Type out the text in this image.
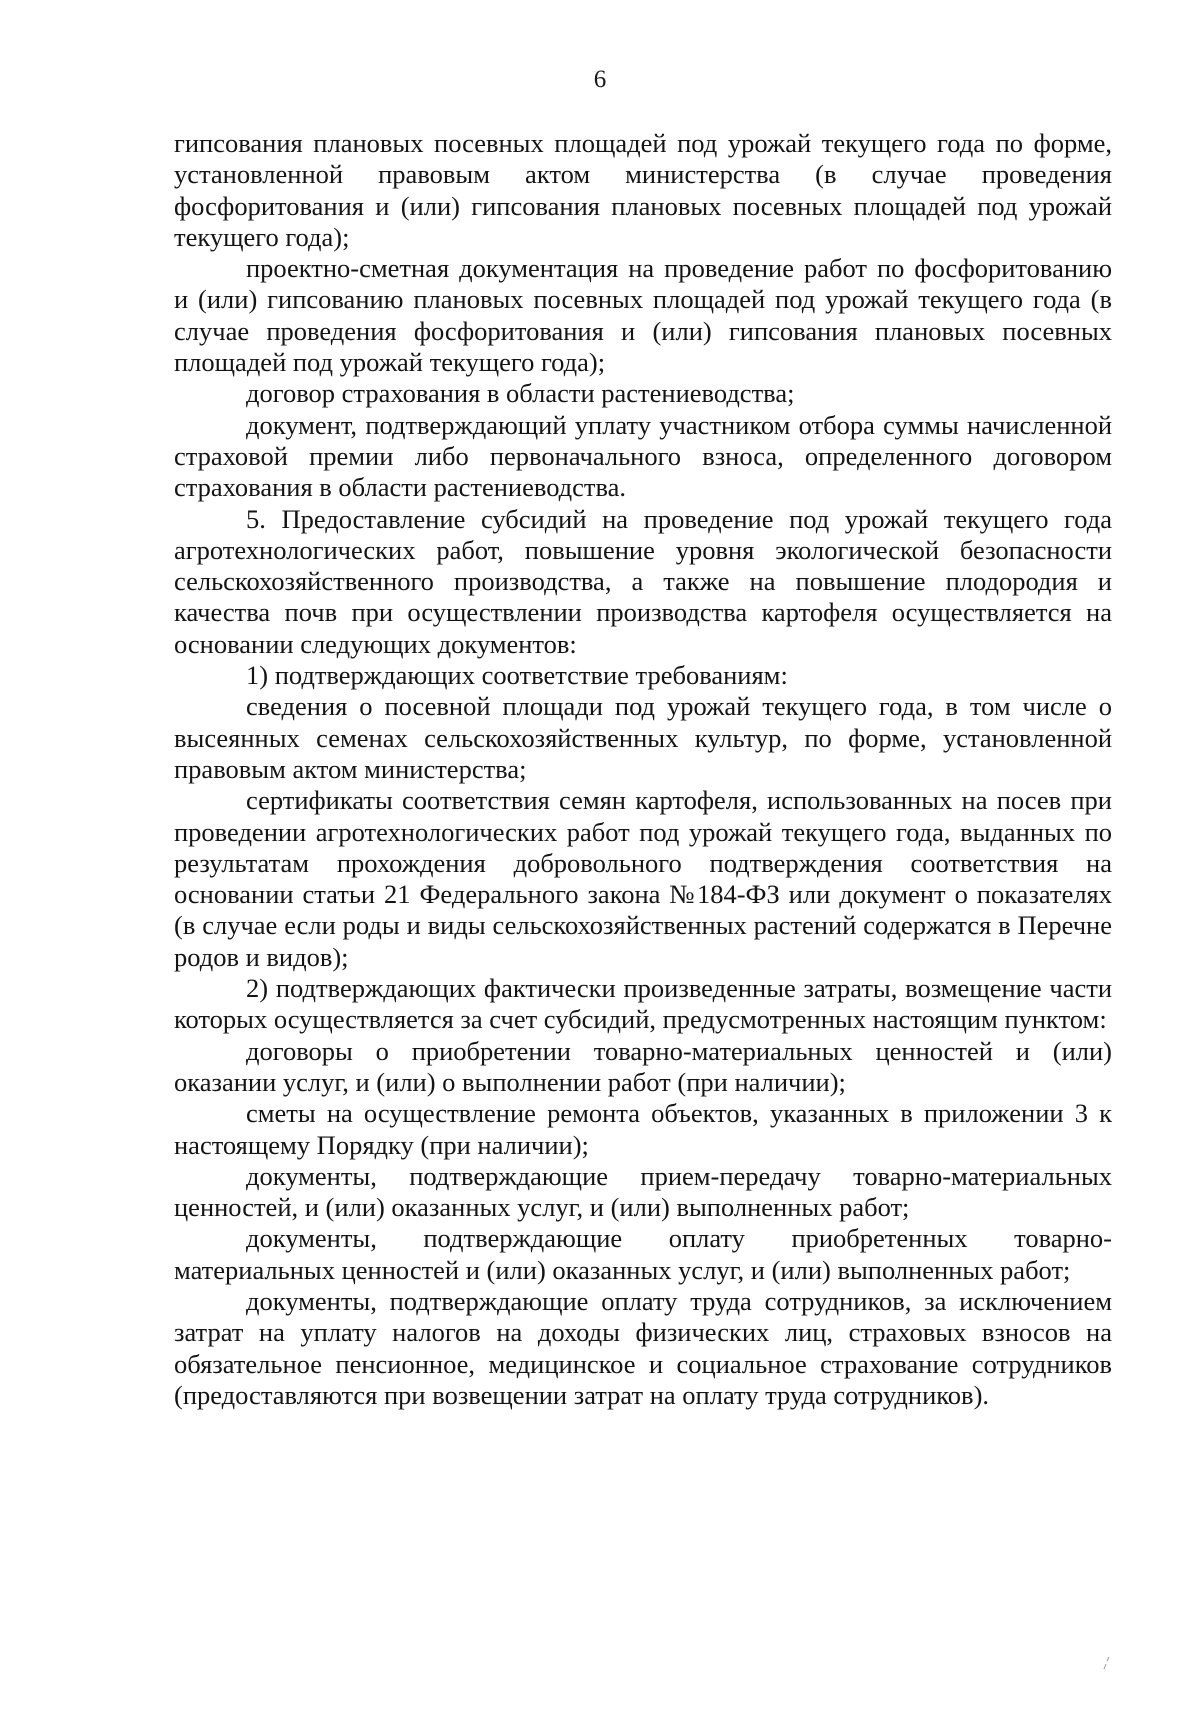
6

гипсования плановых посевных площадей под урожай текущего года по форме, установленной правовым актом министерства (в случае проведения фосфоритования и (или) гипсования плановых посевных площадей под урожай текущего года);

проектно-сметная документация на проведение работ по фосфоритованию и (или) гипсованию плановых посевных площадей под урожай текущего года (в случае проведения фосфоритования и (или) гипсования плановых посевных площадей под урожай текущего года);

договор страхования в области растениеводства;

документ, подтверждающий уплату участником отбора суммы начисленной страховой премии либо первоначального взноса, определенного договором страхования в области растениеводства.

5. Предоставление субсидий на проведение под урожай текущего года агротехнологических работ, повышение уровня экологической безопасности сельскохозяйственного производства, а также на повышение плодородия и качества почв при осуществлении производства картофеля осуществляется на основании следующих документов:

1) подтверждающих соответствие требованиям:

сведения о посевной площади под урожай текущего года, в том числе о высеянных семенах сельскохозяйственных культур, по форме, установленной правовым актом министерства;

сертификаты соответствия семян картофеля, использованных на посев при проведении агротехнологических работ под урожай текущего года, выданных по результатам прохождения добровольного подтверждения соответствия на основании статьи 21 Федерального закона №184-ФЗ или документ о показателях (в случае если роды и виды сельскохозяйственных растений содержатся в Перечне родов и видов);

2) подтверждающих фактически произведенные затраты, возмещение части которых осуществляется за счет субсидий, предусмотренных настоящим пунктом:

договоры о приобретении товарно-материальных ценностей и (или) оказании услуг, и (или) о выполнении работ (при наличии);

сметы на осуществление ремонта объектов, указанных в приложении 3 к настоящему Порядку (при наличии);

документы, подтверждающие прием-передачу товарно-материальных ценностей, и (или) оказанных услуг, и (или) выполненных работ;

документы, подтверждающие оплату приобретенных товарно-материальных ценностей и (или) оказанных услуг, и (или) выполненных работ;

документы, подтверждающие оплату труда сотрудников, за исключением затрат на уплату налогов на доходы физических лиц, страховых взносов на обязательное пенсионное, медицинское и социальное страхование сотрудников (предоставляются при возвещении затрат на оплату труда сотрудников).
